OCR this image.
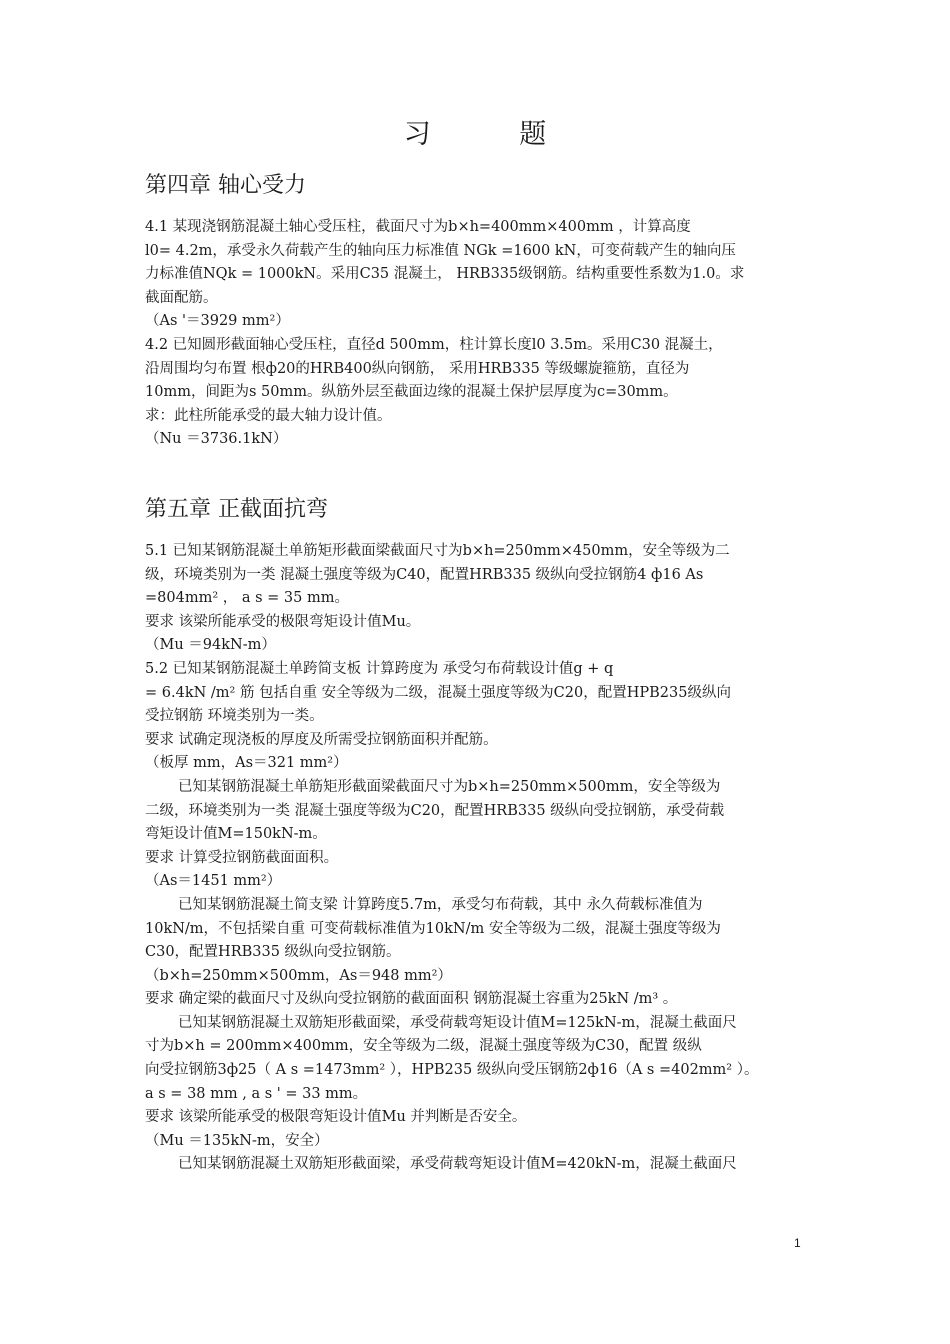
习 题
第四章 轴心受力

4.1 某现浇钢筋混凝土轴心受压柱，截面尺寸为b×h=400mm×400mm ，计算高度

l0= 4.2m，承受永久荷载产生的轴向压力标准值 NGk =1600 kN，可变荷载产生的轴向压

力标准值NQk = 1000kN。采用C35 混凝土， HRB335级钢筋。结构重要性系数为1.0。求

截面配筋。

（As '＝3929 mm²）

4.2 已知圆形截面轴心受压柱，直径d 500mm，柱计算长度l0 3.5m。采用C30 混凝土，

沿周围均匀布置 根ф20的HRB400纵向钢筋， 采用HRB335 等级螺旋箍筋，直径为

10mm，间距为s 50mm。纵筋外层至截面边缘的混凝土保护层厚度为c=30mm。

求：此柱所能承受的最大轴力设计值。

（Nu ＝3736.1kN）

第五章 正截面抗弯

5.1 已知某钢筋混凝土单筋矩形截面梁截面尺寸为b×h=250mm×450mm，安全等级为二

级，环境类别为一类 混凝土强度等级为C40，配置HRB335 级纵向受拉钢筋4 ф16 As

=804mm² ， a s = 35 mm。

要求 该梁所能承受的极限弯矩设计值Mu。

（Mu ＝94kN-m）

5.2 已知某钢筋混凝土单跨简支板 计算跨度为 承受匀布荷载设计值g + q

= 6.4kN /m² 筋 包括自重 安全等级为二级，混凝土强度等级为C20，配置HPB235级纵向

受拉钢筋 环境类别为一类。

要求 试确定现浇板的厚度及所需受拉钢筋面积并配筋。

（板厚 mm，As＝321 mm²）

已知某钢筋混凝土单筋矩形截面梁截面尺寸为b×h=250mm×500mm，安全等级为

二级，环境类别为一类 混凝土强度等级为C20，配置HRB335 级纵向受拉钢筋，承受荷载

弯矩设计值M=150kN-m。

要求 计算受拉钢筋截面面积。

（As＝1451 mm²）

已知某钢筋混凝土简支梁 计算跨度5.7m，承受匀布荷载，其中 永久荷载标准值为

10kN/m，不包括梁自重 可变荷载标准值为10kN/m 安全等级为二级，混凝土强度等级为

C30，配置HRB335 级纵向受拉钢筋。

（b×h=250mm×500mm，As＝948 mm²）

要求 确定梁的截面尺寸及纵向受拉钢筋的截面面积 钢筋混凝土容重为25kN /m³ 。

已知某钢筋混凝土双筋矩形截面梁，承受荷载弯矩设计值M=125kN-m，混凝土截面尺

寸为b×h = 200mm×400mm，安全等级为二级，混凝土强度等级为C30，配置 级纵

向受拉钢筋3ф25（ A s =1473mm² ），HPB235 级纵向受压钢筋2ф16（A s =402mm² ）。

a s = 38 mm , a s ' = 33 mm。

要求 该梁所能承受的极限弯矩设计值Mu 并判断是否安全。

（Mu ＝135kN-m，安全）

已知某钢筋混凝土双筋矩形截面梁，承受荷载弯矩设计值M=420kN-m，混凝土截面尺

1
